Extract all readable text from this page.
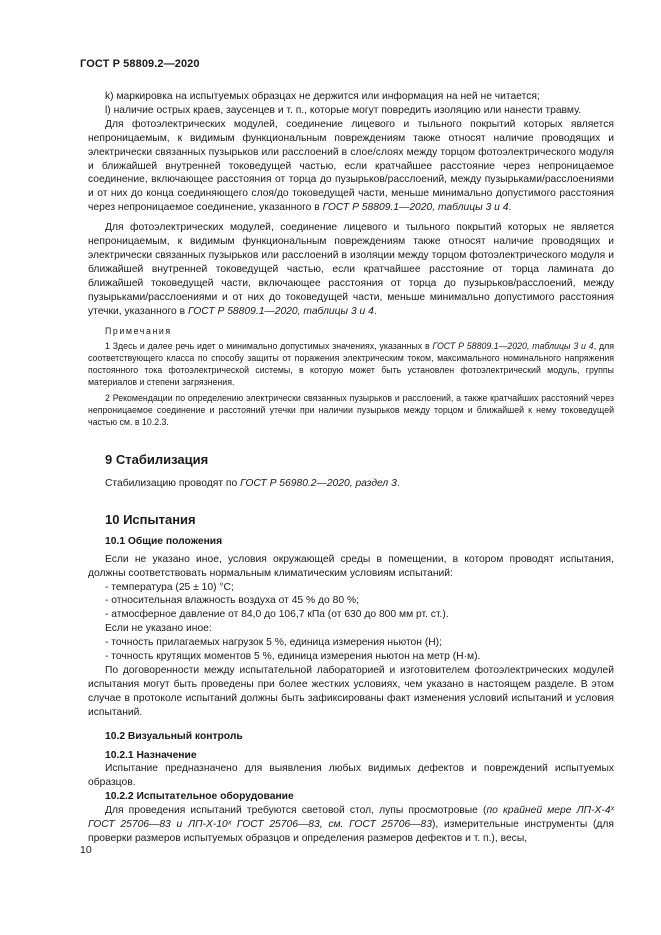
ГОСТ Р 58809.2—2020

k) маркировка на испытуемых образцах не держится или информация на ней не читается;

l) наличие острых краев, заусенцев и т. п., которые могут повредить изоляцию или нанести травму.

Для фотоэлектрических модулей, соединение лицевого и тыльного покрытий которых является непроницаемым, к видимым функциональным повреждениям также относят наличие проводящих и электрически связанных пузырьков или расслоений в слое/слоях между торцом фотоэлектрического модуля и ближайшей внутренней токоведущей частью, если кратчайшее расстояние через непроницаемое соединение, включающее расстояния от торца до пузырьков/расслоений, между пузырьками/расслоениями и от них до конца соединяющего слоя/до токоведущей части, меньше минимально допустимого расстояния через непроницаемое соединение, указанного в ГОСТ Р 58809.1—2020, таблицы 3 и 4.

Для фотоэлектрических модулей, соединение лицевого и тыльного покрытий которых не является непроницаемым, к видимым функциональным повреждениям также относят наличие проводящих и электрически связанных пузырьков или расслоений в изоляции между торцом фотоэлектрического модуля и ближайшей внутренней токоведущей частью, если кратчайшее расстояние от торца ламината до ближайшей токоведущей части, включающее расстояния от торца до пузырьков/расслоений, между пузырьками/расслоениями и от них до токоведущей части, меньше минимально допустимого расстояния утечки, указанного в ГОСТ Р 58809.1—2020, таблицы 3 и 4.

Примечания

1 Здесь и далее речь идет о минимально допустимых значениях, указанных в ГОСТ Р 58809.1—2020, таблицы 3 и 4, для соответствующего класса по способу защиты от поражения электрическим током, максимального номинального напряжения постоянного тока фотоэлектрической системы, в которую может быть установлен фотоэлектрический модуль, группы материалов и степени загрязнения.

2 Рекомендации по определению электрически связанных пузырьков и расслоений, а также кратчайших расстояний через непроницаемое соединение и расстояний утечки при наличии пузырьков между торцом и ближайшей к нему токоведущей частью см. в 10.2.3.

9 Стабилизация

Стабилизацию проводят по ГОСТ Р 56980.2—2020, раздел 3.

10 Испытания
10.1 Общие положения

Если не указано иное, условия окружающей среды в помещении, в котором проводят испытания, должны соответствовать нормальным климатическим условиям испытаний:

- температура (25 ± 10) °С;

- относительная влажность воздуха от 45 % до 80 %;

- атмосферное давление от 84,0 до 106,7 кПа (от 630 до 800 мм рт. ст.).

Если не указано иное:

- точность прилагаемых нагрузок 5 %, единица измерения ньютон (Н);

- точность крутящих моментов 5 %, единица измерения ньютон на метр (Н·м).

По договоренности между испытательной лабораторией и изготовителем фотоэлектрических модулей испытания могут быть проведены при более жестких условиях, чем указано в настоящем разделе. В этом случае в протоколе испытаний должны быть зафиксированы факт изменения условий испытаний и условия испытаний.

10.2 Визуальный контроль
10.2.1 Назначение

Испытание предназначено для выявления любых видимых дефектов и повреждений испытуемых образцов.

10.2.2 Испытательное оборудование

Для проведения испытаний требуются световой стол, лупы просмотровые (по крайней мере ЛП-Х-4ˣ ГОСТ 25706—83 и ЛП-Х-10ˣ ГОСТ 25706—83, см. ГОСТ 25706—83), измерительные инструменты (для проверки размеров испытуемых образцов и определения размеров дефектов и т. п.), весы,

10
